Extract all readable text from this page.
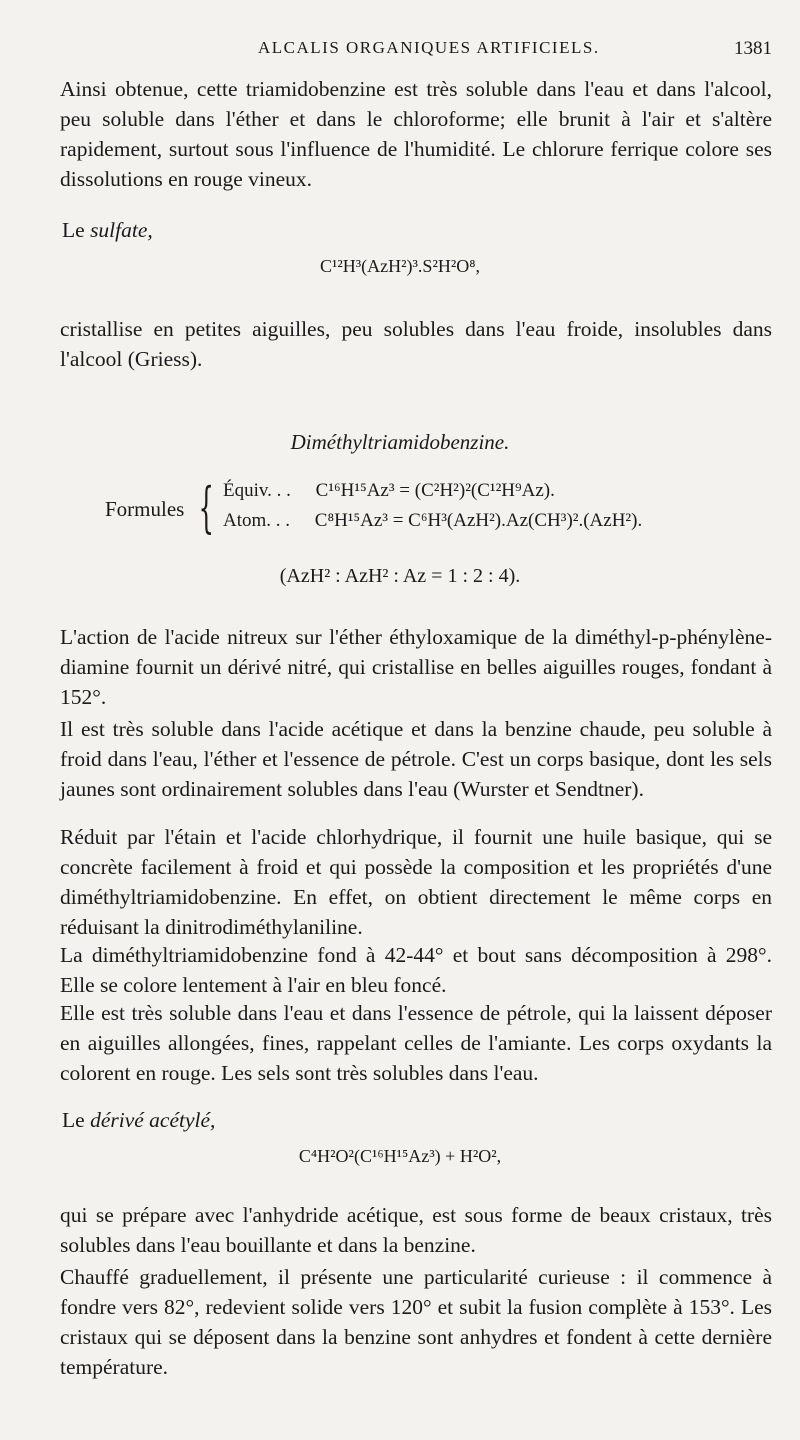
ALCALIS ORGANIQUES ARTIFICIELS.	1381

Ainsi obtenue, cette triamidobenzine est très soluble dans l'eau et dans l'alcool, peu soluble dans l'éther et dans le chloroforme; elle brunit à l'air et s'altère rapidement, surtout sous l'influence de l'humidité. Le chlorure ferrique colore ses dissolutions en rouge vineux.

Le sulfate,

C¹²H³(AzH²)³.S²H²O⁸,

cristallise en petites aiguilles, peu solubles dans l'eau froide, insolubles dans l'alcool (Griess).

Diméthyltriamidobenzine.

Formules { Équiv. . . C¹⁶H¹⁵Az³ = (C²H²)²(C¹²H⁹Az).
Atom. . . C⁸H¹⁵Az³ = C⁶H³(AzH²).Az(CH³)².(AzH²).

(AzH² : AzH² : Az = 1 : 2 : 4).

L'action de l'acide nitreux sur l'éther éthyloxamique de la diméthyl-p-phénylène-diamine fournit un dérivé nitré, qui cristallise en belles aiguilles rouges, fondant à 152°.

Il est très soluble dans l'acide acétique et dans la benzine chaude, peu soluble à froid dans l'eau, l'éther et l'essence de pétrole. C'est un corps basique, dont les sels jaunes sont ordinairement solubles dans l'eau (Wurster et Sendtner).

Réduit par l'étain et l'acide chlorhydrique, il fournit une huile basique, qui se concrète facilement à froid et qui possède la composition et les propriétés d'une diméthyltriamidobenzine. En effet, on obtient directement le même corps en réduisant la dinitrodiméthylaniline.

La diméthyltriamidobenzine fond à 42-44° et bout sans décomposition à 298°. Elle se colore lentement à l'air en bleu foncé.

Elle est très soluble dans l'eau et dans l'essence de pétrole, qui la laissent déposer en aiguilles allongées, fines, rappelant celles de l'amiante. Les corps oxydants la colorent en rouge. Les sels sont très solubles dans l'eau.

Le dérivé acétylé,

C⁴H²O²(C¹⁶H¹⁵Az³) + H²O²,

qui se prépare avec l'anhydride acétique, est sous forme de beaux cristaux, très solubles dans l'eau bouillante et dans la benzine.

Chauffé graduellement, il présente une particularité curieuse : il commence à fondre vers 82°, redevient solide vers 120° et subit la fusion complète à 153°. Les cristaux qui se déposent dans la benzine sont anhydres et fondent à cette dernière température.
